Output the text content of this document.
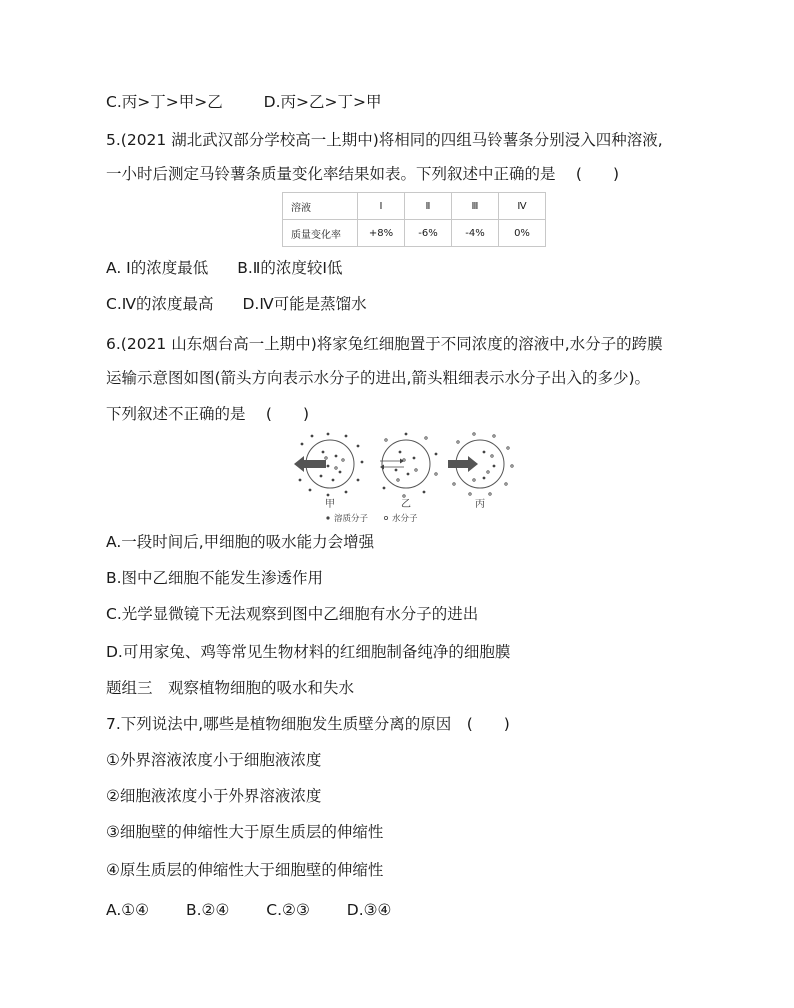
C.丙>丁>甲>乙	D.丙>乙>丁>甲
5.(2021 湖北武汉部分学校高一上期中)将相同的四组马铃薯条分别浸入四种溶液,
一小时后测定马铃薯条质量变化率结果如表。下列叙述中正确的是　 (　　)
溶液	Ⅰ	Ⅱ	Ⅲ	Ⅳ
质量变化率	+8%	-6%	-4%	0%
A. Ⅰ的浓度最低 B.Ⅱ的浓度较Ⅰ低
C.Ⅳ的浓度最高 D.Ⅳ可能是蒸馏水
6.(2021 山东烟台高一上期中)将家兔红细胞置于不同浓度的溶液中,水分子的跨膜
运输示意图如图(箭头方向表示水分子的进出,箭头粗细表示水分子出入的多少)。
下列叙述不正确的是　 (　　)
甲	乙	丙
溶质分子	水分子
A.一段时间后,甲细胞的吸水能力会增强
B.图中乙细胞不能发生渗透作用
C.光学显微镜下无法观察到图中乙细胞有水分子的进出
D.可用家兔、鸡等常见生物材料的红细胞制备纯净的细胞膜
题组三　观察植物细胞的吸水和失水
7.下列说法中,哪些是植物细胞发生质壁分离的原因　(　　)
①外界溶液浓度小于细胞液浓度
②细胞液浓度小于外界溶液浓度
③细胞壁的伸缩性大于原生质层的伸缩性
④原生质层的伸缩性大于细胞壁的伸缩性
A.①④ B.②④ C.②③ D.③④
